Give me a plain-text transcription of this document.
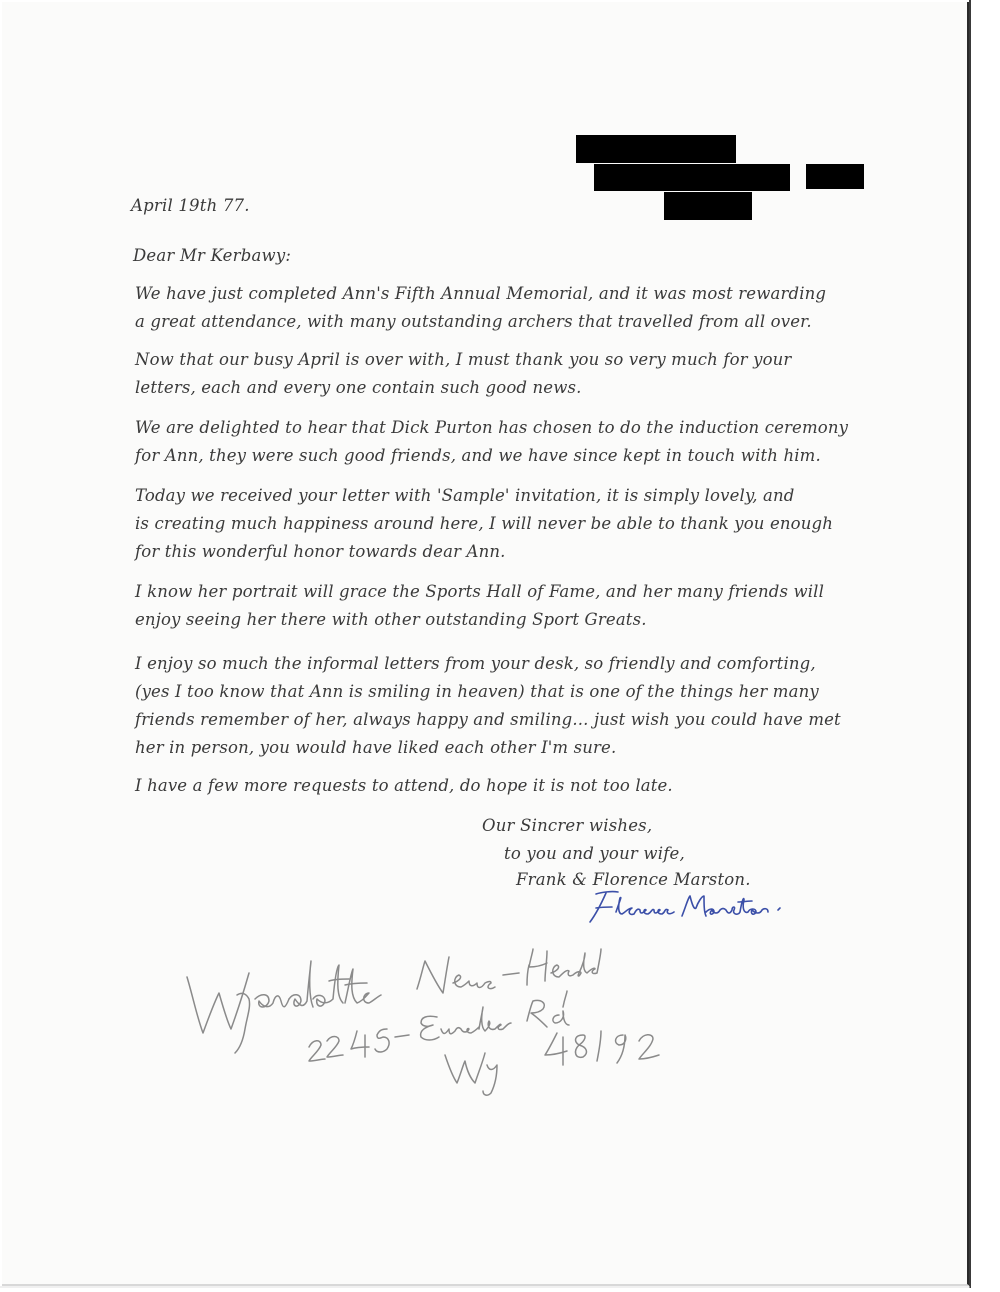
April 19th 77.
Dear Mr Kerbawy:
We have just completed Ann's Fifth Annual Memorial, and it was most rewarding
a great attendance, with many outstanding archers that travelled from all over.
Now that our busy April is over with, I must thank you so very much for your
letters, each and every one contain such good news.
We are delighted to hear that Dick Purton has chosen to do the induction ceremony
for Ann, they were such good friends, and we have since kept in touch with him.
Today we received your letter with 'Sample' invitation, it is simply lovely, and
is creating much happiness around here, I will never be able to thank you enough
for this wonderful honor towards dear Ann.
I know her portrait will grace the Sports Hall of Fame, and her many friends will
enjoy seeing her there with other outstanding Sport Greats.
I enjoy so much the informal letters from your desk, so friendly and comforting,
(yes I too know that Ann is smiling in heaven) that is one of the things her many
friends remember of her, always happy and smiling... just wish you could have met
her in person, you would have liked each other I'm sure.
I have a few more requests to attend, do hope it is not too late.
Our Sincrer wishes,
to you and your wife,
Frank & Florence Marston.
